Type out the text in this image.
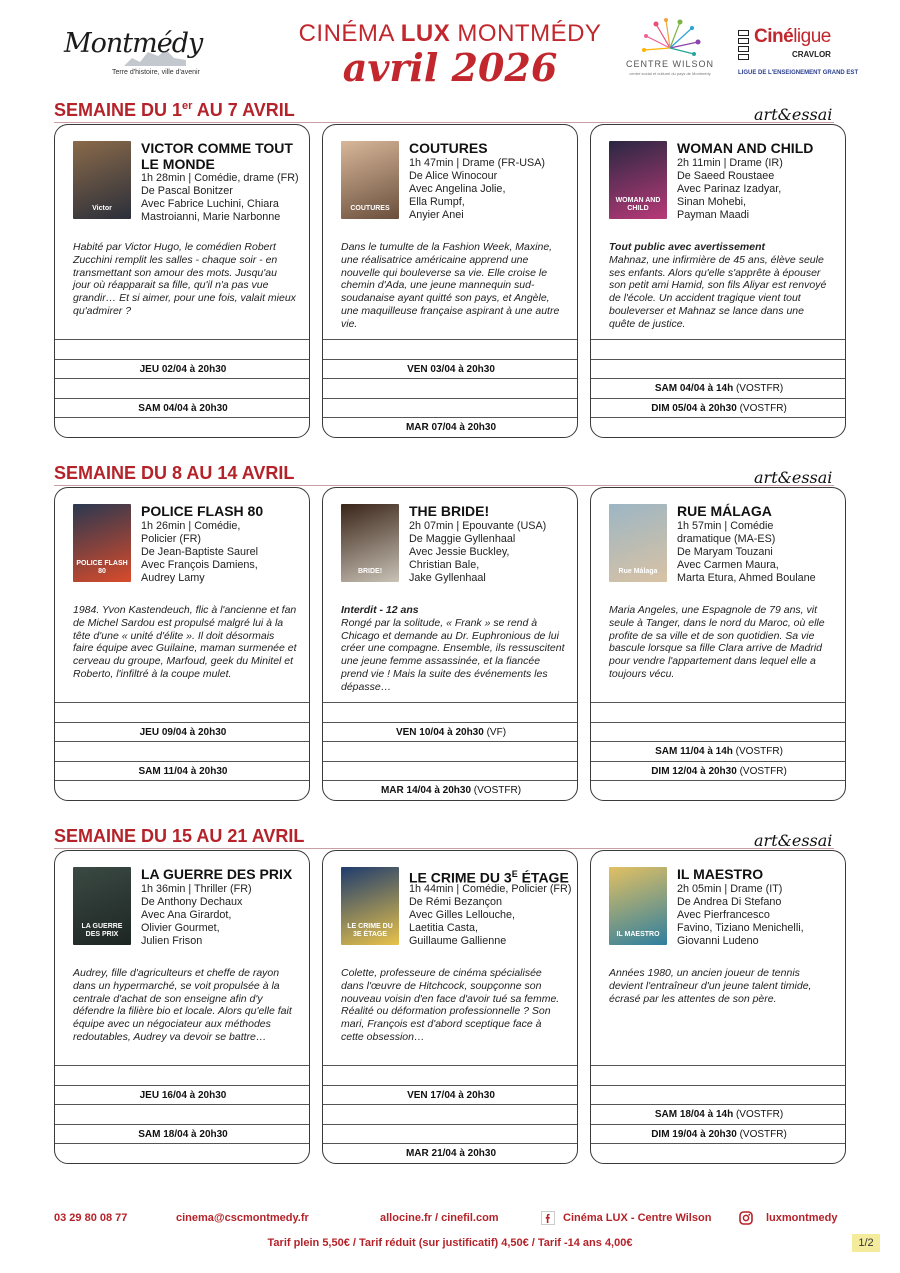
Montmédy
Terre d'histoire, ville d'avenir
CINÉMA LUX MONTMÉDY
avril 2026	CENTRE WILSON
centre social et culturel du pays de Montmédy
Cinéligue
CRAVLOR
LIGUE DE L'ENSEIGNEMENT GRAND EST
SEMAINE DU 1er AU 7 AVRIL	art&essai
Victor
VICTOR COMME TOUT LE MONDE
1h 28min | Comédie, drame (FR)
De Pascal Bonitzer
Avec Fabrice Luchini, Chiara
Mastroianni, Marie Narbonne
Habité par Victor Hugo, le comédien Robert Zucchini remplit les salles - chaque soir - en transmettant son amour des mots. Jusqu'au jour où réapparait sa fille, qu'il n'a pas vue grandir… Et si aimer, pour une fois, valait mieux qu'admirer ?
JEU 02/04 à 20h30
SAM 04/04 à 20h30
COUTURES
COUTURES
1h 47min | Drame (FR-USA)
De Alice Winocour
Avec Angelina Jolie,
Ella Rumpf,
Anyier Anei
Dans le tumulte de la Fashion Week, Maxine, une réalisatrice américaine apprend une nouvelle qui bouleverse sa vie. Elle croise le chemin d'Ada, une jeune mannequin sud-soudanaise ayant quitté son pays, et Angèle, une maquilleuse française aspirant à une autre vie.
VEN 03/04 à 20h30
MAR 07/04 à 20h30
WOMAN AND CHILD
WOMAN AND CHILD
2h 11min | Drame (IR)
De Saeed Roustaee
Avec Parinaz Izadyar,
Sinan Mohebi,
Payman Maadi
Tout public avec avertissement
Mahnaz, une infirmière de 45 ans, élève seule ses enfants. Alors qu'elle s'apprête à épouser son petit ami Hamid, son fils Aliyar est renvoyé de l'école. Un accident tragique vient tout bouleverser et Mahnaz se lance dans une quête de justice.
SAM 04/04 à 14h (VOSTFR)
DIM 05/04 à 20h30 (VOSTFR)
SEMAINE DU 8 AU 14 AVRIL	art&essai
POLICE FLASH 80
POLICE FLASH 80
1h 26min | Comédie,
Policier (FR)
De Jean-Baptiste Saurel
Avec François Damiens,
Audrey Lamy
1984. Yvon Kastendeuch, flic à l'ancienne et fan de Michel Sardou est propulsé malgré lui à la tête d'une « unité d'élite ». Il doit désormais faire équipe avec Guilaine, maman surmenée et cerveau du groupe, Marfoud, geek du Minitel et Roberto, l'infiltré à la coupe mulet.
JEU 09/04 à 20h30
SAM 11/04 à 20h30
BRIDE!
THE BRIDE!
2h 07min | Epouvante (USA)
De Maggie Gyllenhaal
Avec Jessie Buckley,
Christian Bale,
Jake Gyllenhaal
Interdit - 12 ans
Rongé par la solitude, « Frank » se rend à Chicago et demande au Dr. Euphronious de lui créer une compagne. Ensemble, ils ressuscitent une jeune femme assassinée, et la fiancée prend vie ! Mais la suite des événements les dépasse…
VEN 10/04 à 20h30 (VF)
MAR 14/04 à 20h30 (VOSTFR)
Rue Málaga
RUE MÁLAGA
1h 57min | Comédie
dramatique (MA-ES)
De Maryam Touzani
Avec Carmen Maura,
Marta Etura, Ahmed Boulane
Maria Angeles, une Espagnole de 79 ans, vit seule à Tanger, dans le nord du Maroc, où elle profite de sa ville et de son quotidien. Sa vie bascule lorsque sa fille Clara arrive de Madrid pour vendre l'appartement dans lequel elle a toujours vécu.
SAM 11/04 à 14h (VOSTFR)
DIM 12/04 à 20h30 (VOSTFR)
SEMAINE DU 15 AU 21 AVRIL	art&essai
LA GUERRE DES PRIX
LA GUERRE DES PRIX
1h 36min | Thriller (FR)
De Anthony Dechaux
Avec Ana Girardot,
Olivier Gourmet,
Julien Frison
Audrey, fille d'agriculteurs et cheffe de rayon dans un hypermarché, se voit propulsée à la centrale d'achat de son enseigne afin d'y défendre la filière bio et locale. Alors qu'elle fait équipe avec un négociateur aux méthodes redoutables, Audrey va devoir se battre…
JEU 16/04 à 20h30
SAM 18/04 à 20h30
LE CRIME DU 3E ÉTAGE
LE CRIME DU $3^E$ ÉTAGE
1h 44min | Comédie, Policier (FR)
De Rémi Bezançon
Avec Gilles Lellouche,
Laetitia Casta,
Guillaume Gallienne
Colette, professeure de cinéma spécialisée dans l'œuvre de Hitchcock, soupçonne son nouveau voisin d'en face d'avoir tué sa femme. Réalité ou déformation professionnelle ? Son mari, François est d'abord sceptique face à cette obsession…
VEN 17/04 à 20h30
MAR 21/04 à 20h30
IL MAESTRO
IL MAESTRO
2h 05min | Drame (IT)
De Andrea Di Stefano
Avec Pierfrancesco
Favino, Tiziano Menichelli,
Giovanni Ludeno
Années 1980, un ancien joueur de tennis devient l'entraîneur d'un jeune talent timide, écrasé par les attentes de son père.
SAM 18/04 à 14h (VOSTFR)
DIM 19/04 à 20h30 (VOSTFR)
03 29 80 08 77	cinema@cscmontmedy.fr	allocine.fr / cinefil.com	Cinéma LUX - Centre Wilson	luxmontmedy
Tarif plein 5,50€ / Tarif réduit (sur justificatif) 4,50€ / Tarif -14 ans 4,00€	1/2
